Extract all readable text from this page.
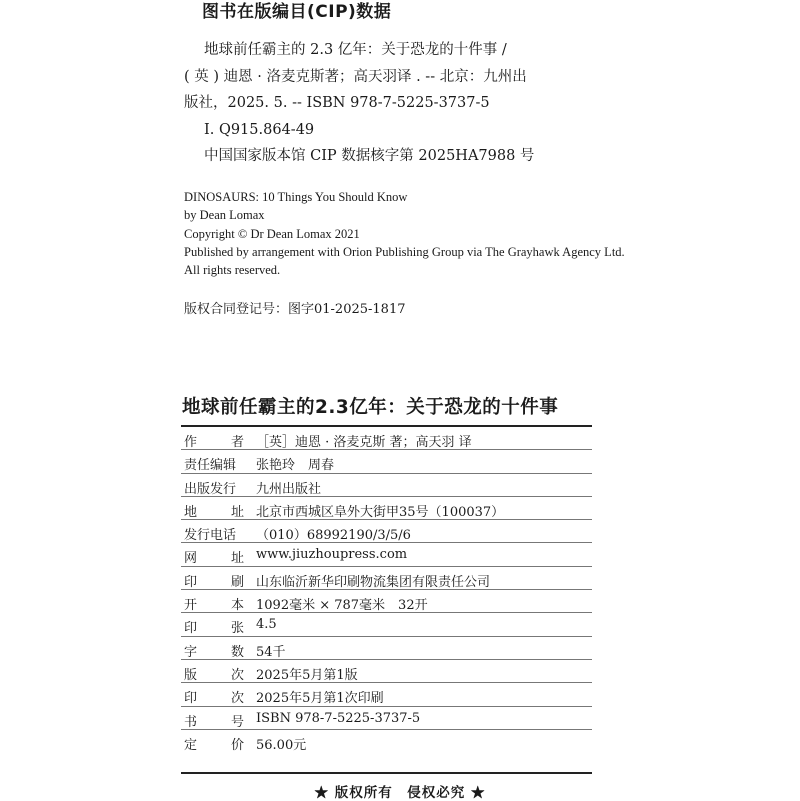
图书在版编目(CIP)数据
地球前任霸主的 2.3 亿年：关于恐龙的十件事 /
( 英 ) 迪恩 · 洛麦克斯著；高天羽译 . -- 北京：九州出
版社，2025. 5. -- ISBN 978-7-5225-3737-5
Ⅰ. Q915.864-49
中国国家版本馆 CIP 数据核字第 2025HA7988 号
DINOSAURS: 10 Things You Should Know
by Dean Lomax
Copyright © Dr Dean Lomax 2021
Published by arrangement with Orion Publishing Group via The Grayhawk Agency Ltd.
All rights reserved.
版权合同登记号：图字01-2025-1817
地球前任霸主的2.3亿年：关于恐龙的十件事
作	者 ［英］迪恩 · 洛麦克斯 著；高天羽 译
责任编辑	张艳玲　周春
出版发行	九州出版社
地	址 北京市西城区阜外大街甲35号（100037）
发行电话	（010）68992190/3/5/6
网	址 www.jiuzhoupress.com
印	刷 山东临沂新华印刷物流集团有限责任公司
开	本 1092毫米 × 787毫米　32开
印	张 4.5
字	数 54千
版	次 2025年5月第1版
印	次 2025年5月第1次印刷
书	号 ISBN 978-7-5225-3737-5
定	价 56.00元
★ 版权所有　侵权必究 ★
